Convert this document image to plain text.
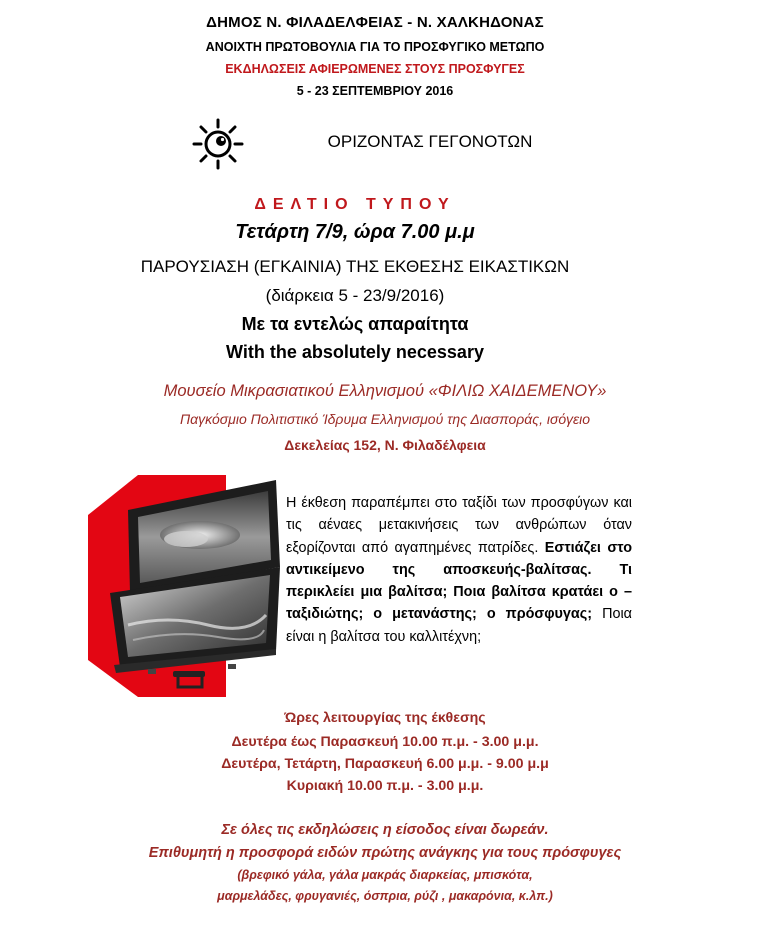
ΔΗΜΟΣ Ν. ΦΙΛΑΔΕΛΦΕΙΑΣ - Ν. ΧΑΛΚΗΔΟΝΑΣ
ΑΝΟΙΧΤΗ ΠΡΩΤΟΒΟΥΛΙΑ ΓΙΑ ΤΟ ΠΡΟΣΦΥΓΙΚΟ ΜΕΤΩΠΟ
ΕΚΔΗΛΩΣΕΙΣ ΑΦΙΕΡΩΜΕΝΕΣ ΣΤΟΥΣ ΠΡΟΣΦΥΓΕΣ
5 - 23 ΣΕΠΤΕΜΒΡΙΟΥ 2016
ΟΡΙΖΟΝΤΑΣ ΓΕΓΟΝΟΤΩΝ
ΔΕΛΤΙΟ ΤΥΠΟΥ
Τετάρτη 7/9, ώρα 7.00 μ.μ
ΠΑΡΟΥΣΙΑΣΗ (ΕΓΚΑΙΝΙΑ) ΤΗΣ ΕΚΘΕΣΗΣ ΕΙΚΑΣΤΙΚΩΝ
(διάρκεια 5 - 23/9/2016)
Με τα εντελώς απαραίτητα
With the absolutely necessary
Μουσείο Μικρασιατικού Ελληνισμού «ΦΙΛΙΩ ΧΑΙΔΕΜΕΝΟΥ»
Παγκόσμιο Πολιτιστικό Ίδρυμα Ελληνισμού της Διασποράς, ισόγειο
Δεκελείας 152, Ν. Φιλαδέλφεια
Η έκθεση παραπέμπει στο ταξίδι των προσφύγων και τις αέναες μετακινήσεις των ανθρώπων όταν εξορίζονται από αγαπημένες πατρίδες. Εστιάζει στο αντικείμενο της αποσκευής-βαλίτσας. Τι περικλείει μια βαλίτσα; Ποια βαλίτσα κρατάει ο – ταξιδιώτης; ο μετανάστης; ο πρόσφυγας; Ποια είναι η βαλίτσα του καλλιτέχνη;
Ώρες λειτουργίας της έκθεσης
Δευτέρα έως Παρασκευή 10.00 π.μ. - 3.00 μ.μ.
Δευτέρα, Τετάρτη, Παρασκευή 6.00 μ.μ. - 9.00 μ.μ
Κυριακή 10.00 π.μ. - 3.00 μ.μ.
Σε όλες τις εκδηλώσεις η είσοδος είναι δωρεάν.
Επιθυμητή η προσφορά ειδών πρώτης ανάγκης για τους πρόσφυγες
(βρεφικό γάλα, γάλα μακράς διαρκείας, μπισκότα,
μαρμελάδες, φρυγανιές, όσπρια, ρύζι , μακαρόνια, κ.λπ.)
